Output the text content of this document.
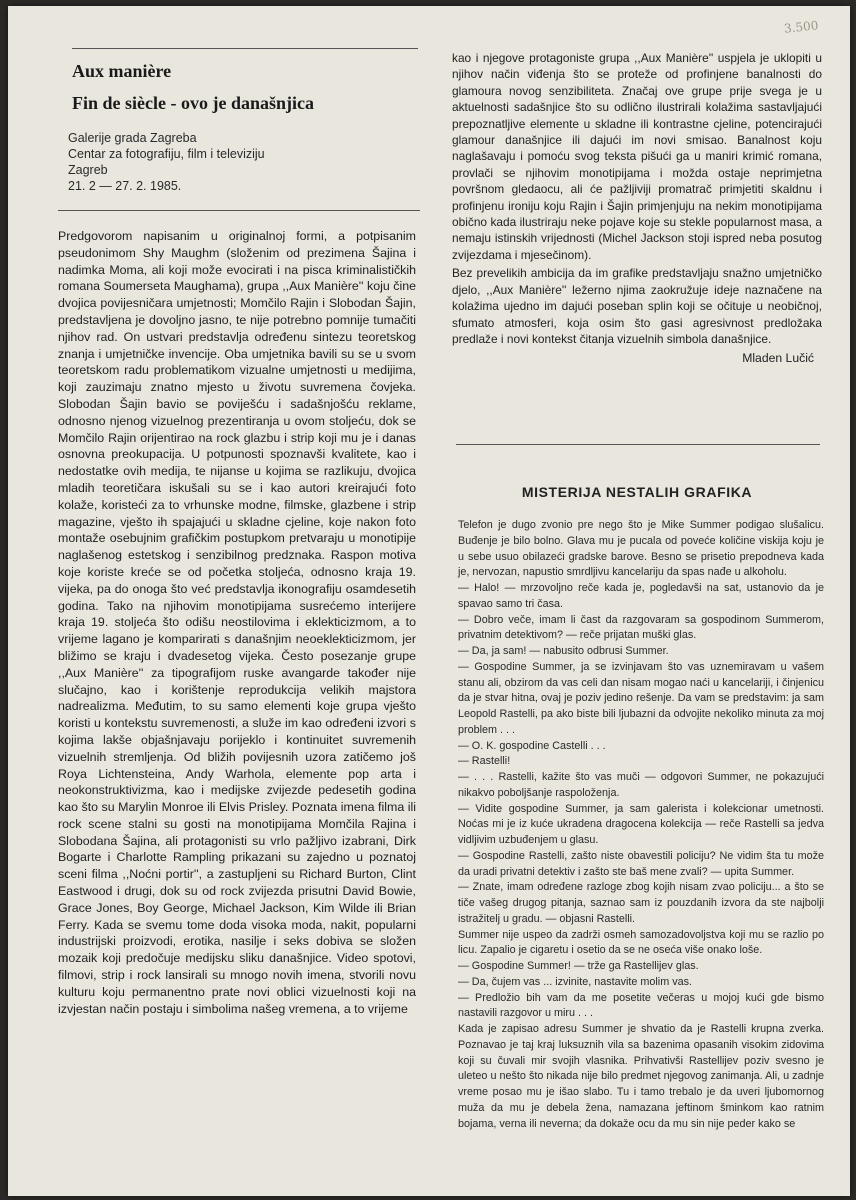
3.500
Aux manière
Fin de siècle - ovo je današnjica

Galerije grada Zagreba

Centar za fotografiju, film i televiziju

Zagreb

21. 2 — 27. 2. 1985.

Predgovorom napisanim u originalnoj formi, a potpisanim pseudonimom Shy Maughm (složenim od prezimena Šajina i nadimka Moma, ali koji može evocirati i na pisca kriminalističkih romana Soumerseta Maughama), grupa ,,Aux Manière'' koju čine dvojica povijesničara umjetnosti; Momčilo Rajin i Slobodan Šajin, predstavljena je dovoljno jasno, te nije potrebno pomnije tumačiti njihov rad. On ustvari predstavlja određenu sintezu teoretskog znanja i umjetničke invencije. Oba umjetnika bavili su se u svom teoretskom radu problematikom vizualne umjetnosti u medijima, koji zauzimaju znatno mjesto u životu suvremena čovjeka. Slobodan Šajin bavio se poviješću i sadašnjošću reklame, odnosno njenog vizuelnog prezentiranja u ovom stoljeću, dok se Momčilo Rajin orijentirao na rock glazbu i strip koji mu je i danas osnovna preokupacija. U potpunosti spoznavši kvalitete, kao i nedostatke ovih medija, te nijanse u kojima se razlikuju, dvojica mladih teoretičara iskušali su se i kao autori kreirajući foto kolaže, koristeći za to vrhunske modne, filmske, glazbene i strip magazine, vješto ih spajajući u skladne cjeline, koje nakon foto montaže osebujnim grafičkim postupkom pretvaraju u monotipije naglašenog estetskog i senzibilnog predznaka. Raspon motiva koje koriste kreće se od početka stoljeća, odnosno kraja 19. vijeka, pa do onoga što već predstavlja ikonografiju osamdesetih godina. Tako na njihovim monotipijama susrećemo interijere kraja 19. stoljeća što odišu neostilovima i eklekticizmom, a to vrijeme lagano je komparirati s današnjim neoeklekticizmom, jer bližimo se kraju i dvadesetog vijeka. Često posezanje grupe ,,Aux Manière'' za tipografijom ruske avangarde također nije slučajno, kao i korištenje reprodukcija velikih majstora nadrealizma. Međutim, to su samo elementi koje grupa vješto koristi u kontekstu suvremenosti, a služe im kao određeni izvori s kojima lakše objašnjavaju porijeklo i kontinuitet suvremenih vizuelnih stremljenja. Od bližih povijesnih uzora zatičemo još Roya Lichtensteina, Andy Warhola, elemente pop arta i neokonstruktivizma, kao i medijske zvijezde pedesetih godina kao što su Marylin Monroe ili Elvis Prisley. Poznata imena filma ili rock scene stalni su gosti na monotipijama Momčila Rajina i Slobodana Šajina, ali protagonisti su vrlo pažljivo izabrani, Dirk Bogarte i Charlotte Rampling prikazani su zajedno u poznatoj sceni filma ,,Noćni portir'', a zastupljeni su Richard Burton, Clint Eastwood i drugi, dok su od rock zvijezda prisutni David Bowie, Grace Jones, Boy George, Michael Jackson, Kim Wilde ili Brian Ferry. Kada se svemu tome doda visoka moda, nakit, popularni industrijski proizvodi, erotika, nasilje i seks dobiva se složen mozaik koji predočuje medijsku sliku današnjice. Video spotovi, filmovi, strip i rock lansirali su mnogo novih imena, stvorili novu kulturu koju permanentno prate novi oblici vizuelnosti koji na izvjestan način postaju i simbolima našeg vremena, a to vrijeme

kao i njegove protagoniste grupa ,,Aux Manière'' uspjela je uklopiti u njihov način viđenja što se proteže od profinjene banalnosti do glamoura novog senzibiliteta. Značaj ove grupe prije svega je u aktuelnosti sadašnjice što su odlično ilustrirali kolažima sastavljajući prepoznatljive elemente u skladne ili kontrastne cjeline, potencirajući glamour današnjice ili dajući im novi smisao. Banalnost koju naglašavaju i pomoću svog teksta pišući ga u maniri krimić romana, provlači se njihovim monotipijama i možda ostaje neprimjetna površnom gledaocu, ali će pažljiviji promatrač primjetiti skaldnu i profinjenu ironiju koju Rajin i Šajin primjenjuju na nekim monotipijama obično kada ilustriraju neke pojave koje su stekle popularnost masa, a nemaju istinskih vrijednosti (Michel Jackson stoji ispred neba posutog zvijezdama i mjesečinom).

Bez prevelikih ambicija da im grafike predstavljaju snažno umjetničko djelo, ,,Aux Manière'' ležerno njima zaokružuje ideje naznačene na kolažima ujedno im dajući poseban splin koji se očituje u neobičnoj, sfumato atmosferi, koja osim što gasi agresivnost predložaka predlaže i novi kontekst čitanja vizuelnih simbola današnjice.

Mladen Lučić
MISTERIJA NESTALIH GRAFIKA

Telefon je dugo zvonio pre nego što je Mike Summer podigao slušalicu. Buđenje je bilo bolno. Glava mu je pucala od povеće količine viskija koju je u sebe usuo obilazeći gradske barove. Besno se prisetio prepodneva kada je, nervozan, napustio smrdljivu kancelariju da spas nađe u alkoholu.

— Halo! — mrzovoljno reče kada je, pogledavši na sat, ustanovio da je spavao samo tri časa.

— Dobro veče, imam li čast da razgovaram sa gospodinom Summerom, privatnim detektivom? — reče prijatan muški glas.

— Da, ja sam! — nabusito odbrusi Summer.

— Gospodine Summer, ja se izvinjavam što vas uznemiravam u vašem stanu ali, obzirom da vas celi dan nisam mogao naći u kancelariji, i činjenicu da je stvar hitna, ovaj je poziv jedino rešenje. Da vam se predstavim: ja sam Leopold Rastelli, pa ako biste bili ljubazni da odvojite nekoliko minuta za moj problem . . .

— O. K. gospodine Castelli . . .

— Rastelli!

— . . . Rastelli, kažite što vas muči — odgovori Summer, ne pokazujući nikakvo poboljšanje raspoloženja.

— Vidite gospodine Summer, ja sam galerista i kolekcionar umetnosti. Noćas mi je iz kuće ukradena dragocena kolekcija — reče Rastelli sa jedva vidljivim uzbuđenjem u glasu.

— Gospodine Rastelli, zašto niste obavestili policiju? Ne vidim šta tu može da uradi privatni detektiv i zašto ste baš mene zvali? — upita Summer.

— Znate, imam određene razloge zbog kojih nisam zvao policiju... a što se tiče vašeg drugog pitanja, saznao sam iz pouzdanih izvora da ste najbolji istražitelj u gradu. — objasni Rastelli.

Summer nije uspeo da zadrži osmeh samozadovoljstva koji mu se razlio po licu. Zapalio je cigaretu i osetio da se ne oseća više onako loše.

— Gospodine Summer! — trže ga Rastellijev glas.

— Da, čujem vas ... izvinite, nastavite molim vas.

— Predložio bih vam da me posetite večeras u mojoj kući gde bismo nastavili razgovor u miru . . .

Kada je zapisao adresu Summer je shvatio da je Rastelli krupna zverka. Poznavao je taj kraj luksuznih vila sa bazenima opasanih visokim zidovima koji su čuvali mir svojih vlasnika. Prihvativši Rastellijev poziv svesno je uleteo u nešto što nikada nije bilo predmet njegovog zanimanja. Ali, u zadnje vreme posao mu je išao slabo. Tu i tamo trebalo je da uveri ljubomornog muža da mu je debela žena, namazana jeftinom šminkom kao ratnim bojama, verna ili neverna; da dokaže ocu da mu sin nije peder kako se
